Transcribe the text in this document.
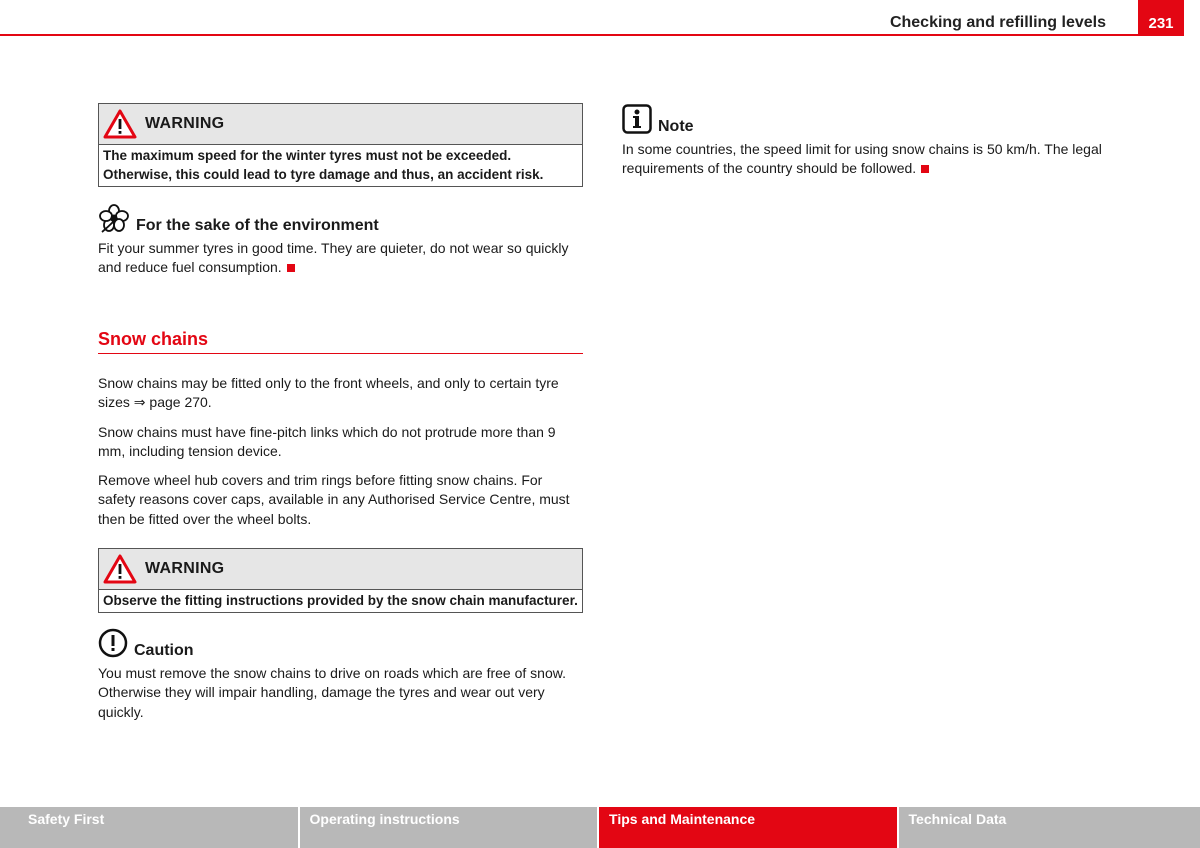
Checking and refilling levels	231
WARNING
The maximum speed for the winter tyres must not be exceeded. Otherwise, this could lead to tyre damage and thus, an accident risk.
For the sake of the environment

Fit your summer tyres in good time. They are quieter, do not wear so quickly and reduce fuel consumption.

Snow chains

Snow chains may be fitted only to the front wheels, and only to certain tyre sizes ⇒ page 270.

Snow chains must have fine-pitch links which do not protrude more than 9 mm, including tension device.

Remove wheel hub covers and trim rings before fitting snow chains. For safety reasons cover caps, available in any Authorised Service Centre, must then be fitted over the wheel bolts.

WARNING
Observe the fitting instructions provided by the snow chain manufacturer.
Caution

You must remove the snow chains to drive on roads which are free of snow. Otherwise they will impair handling, damage the tyres and wear out very quickly.

Note

In some countries, the speed limit for using snow chains is 50 km/h. The legal requirements of the country should be followed.

Safety First	Operating instructions	Tips and Maintenance	Technical Data
